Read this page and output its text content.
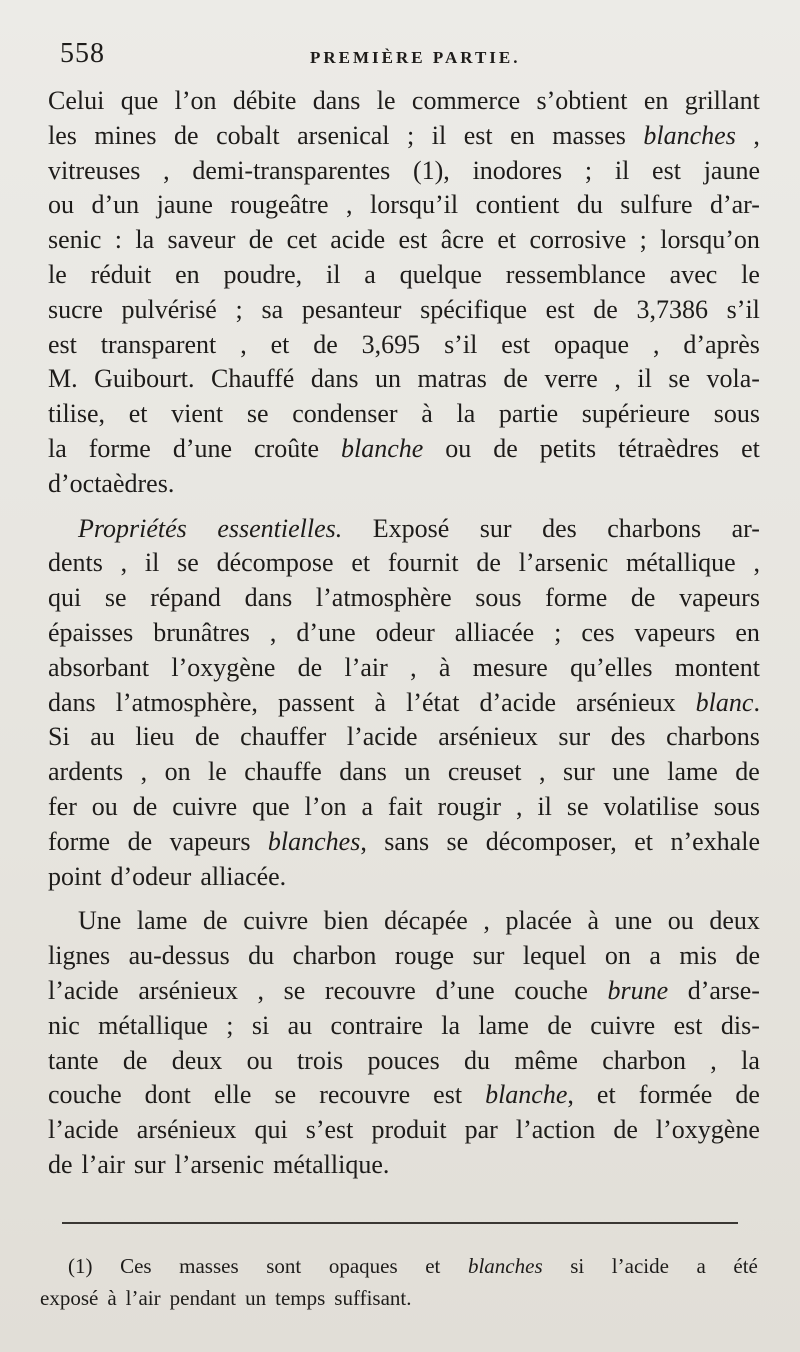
558	PREMIÈRE PARTIE.
Celui que l’on débite dans le commerce s’obtient en grillant
les mines de cobalt arsenical ; il est en masses blanches ,
vitreuses , demi-transparentes (1), inodores ; il est jaune
ou d’un jaune rougeâtre , lorsqu’il contient du sulfure d’ar-
senic : la saveur de cet acide est âcre et corrosive ; lorsqu’on
le réduit en poudre, il a quelque ressemblance avec le
sucre pulvérisé ; sa pesanteur spécifique est de 3,7386 s’il
est transparent , et de 3,695 s’il est opaque , d’après
M. Guibourt. Chauffé dans un matras de verre , il se vola-
tilise, et vient se condenser à la partie supérieure sous
la forme d’une croûte blanche ou de petits tétraèdres et
d’octaèdres.
Propriétés essentielles. Exposé sur des charbons ar-
dents , il se décompose et fournit de l’arsenic métallique ,
qui se répand dans l’atmosphère sous forme de vapeurs
épaisses brunâtres , d’une odeur alliacée ; ces vapeurs en
absorbant l’oxygène de l’air , à mesure qu’elles montent
dans l’atmosphère, passent à l’état d’acide arsénieux blanc.
Si au lieu de chauffer l’acide arsénieux sur des charbons
ardents , on le chauffe dans un creuset , sur une lame de
fer ou de cuivre que l’on a fait rougir , il se volatilise sous
forme de vapeurs blanches, sans se décomposer, et n’exhale
point d’odeur alliacée.
Une lame de cuivre bien décapée , placée à une ou deux
lignes au-dessus du charbon rouge sur lequel on a mis de
l’acide arsénieux , se recouvre d’une couche brune d’arse-
nic métallique ; si au contraire la lame de cuivre est dis-
tante de deux ou trois pouces du même charbon , la
couche dont elle se recouvre est blanche, et formée de
l’acide arsénieux qui s’est produit par l’action de l’oxygène
de l’air sur l’arsenic métallique.
(1) Ces masses sont opaques et blanches si l’acide a été
exposé à l’air pendant un temps suffisant.
